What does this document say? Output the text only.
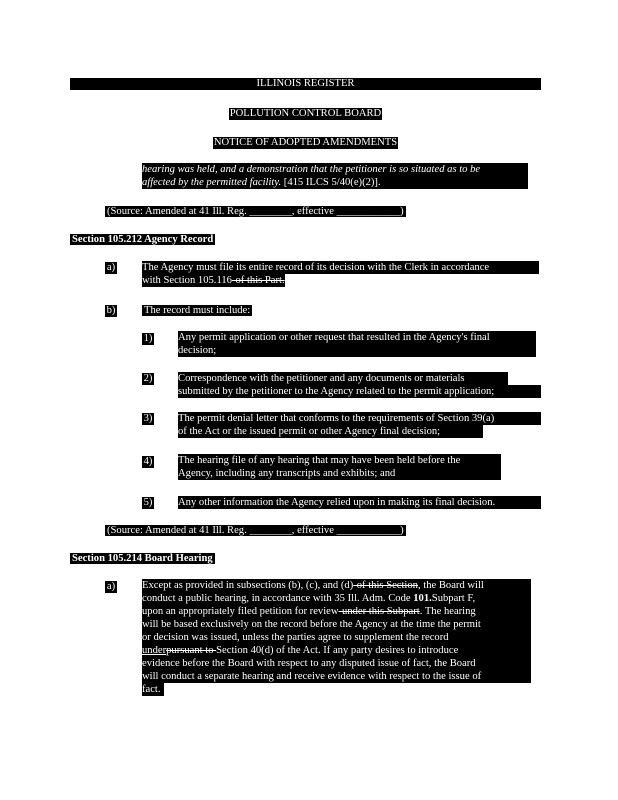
ILLINOIS REGISTER
POLLUTION CONTROL BOARD
NOTICE OF ADOPTED AMENDMENTS
hearing was held, and a demonstration that the petitioner is so situated as to be
affected by the permitted facility. [415 ILCS 5/40(e)(2)].
(Source: Amended at 41 Ill. Reg. ________, effective ____________)
Section 105.212 Agency Record
a)	The Agency must file its entire record of its decision with the Clerk in accordance
with Section 105.116-of this Part.
b)	The record must include:
1) Any permit application or other request that resulted in the Agency's final
decision;
2) Correspondence with the petitioner and any documents or materials
submitted by the petitioner to the Agency related to the permit application;
3) The permit denial letter that conforms to the requirements of Section 39(a)
of the Act or the issued permit or other Agency final decision;
4) The hearing file of any hearing that may have been held before the
Agency, including any transcripts and exhibits; and
5) Any other information the Agency relied upon in making its final decision.
(Source: Amended at 41 Ill. Reg. ________, effective ____________)
Section 105.214 Board Hearing
a)	Except as provided in subsections (b), (c), and (d)-of this Section, the Board will
conduct a public hearing, in accordance with 35 Ill. Adm. Code 101.Subpart F,
upon an appropriately filed petition for review-under this Subpart. The hearing
will be based exclusively on the record before the Agency at the time the permit
or decision was issued, unless the parties agree to supplement the record
underpursuant to Section 40(d) of the Act. If any party desires to introduce
evidence before the Board with respect to any disputed issue of fact, the Board
will conduct a separate hearing and receive evidence with respect to the issue of
fact.
